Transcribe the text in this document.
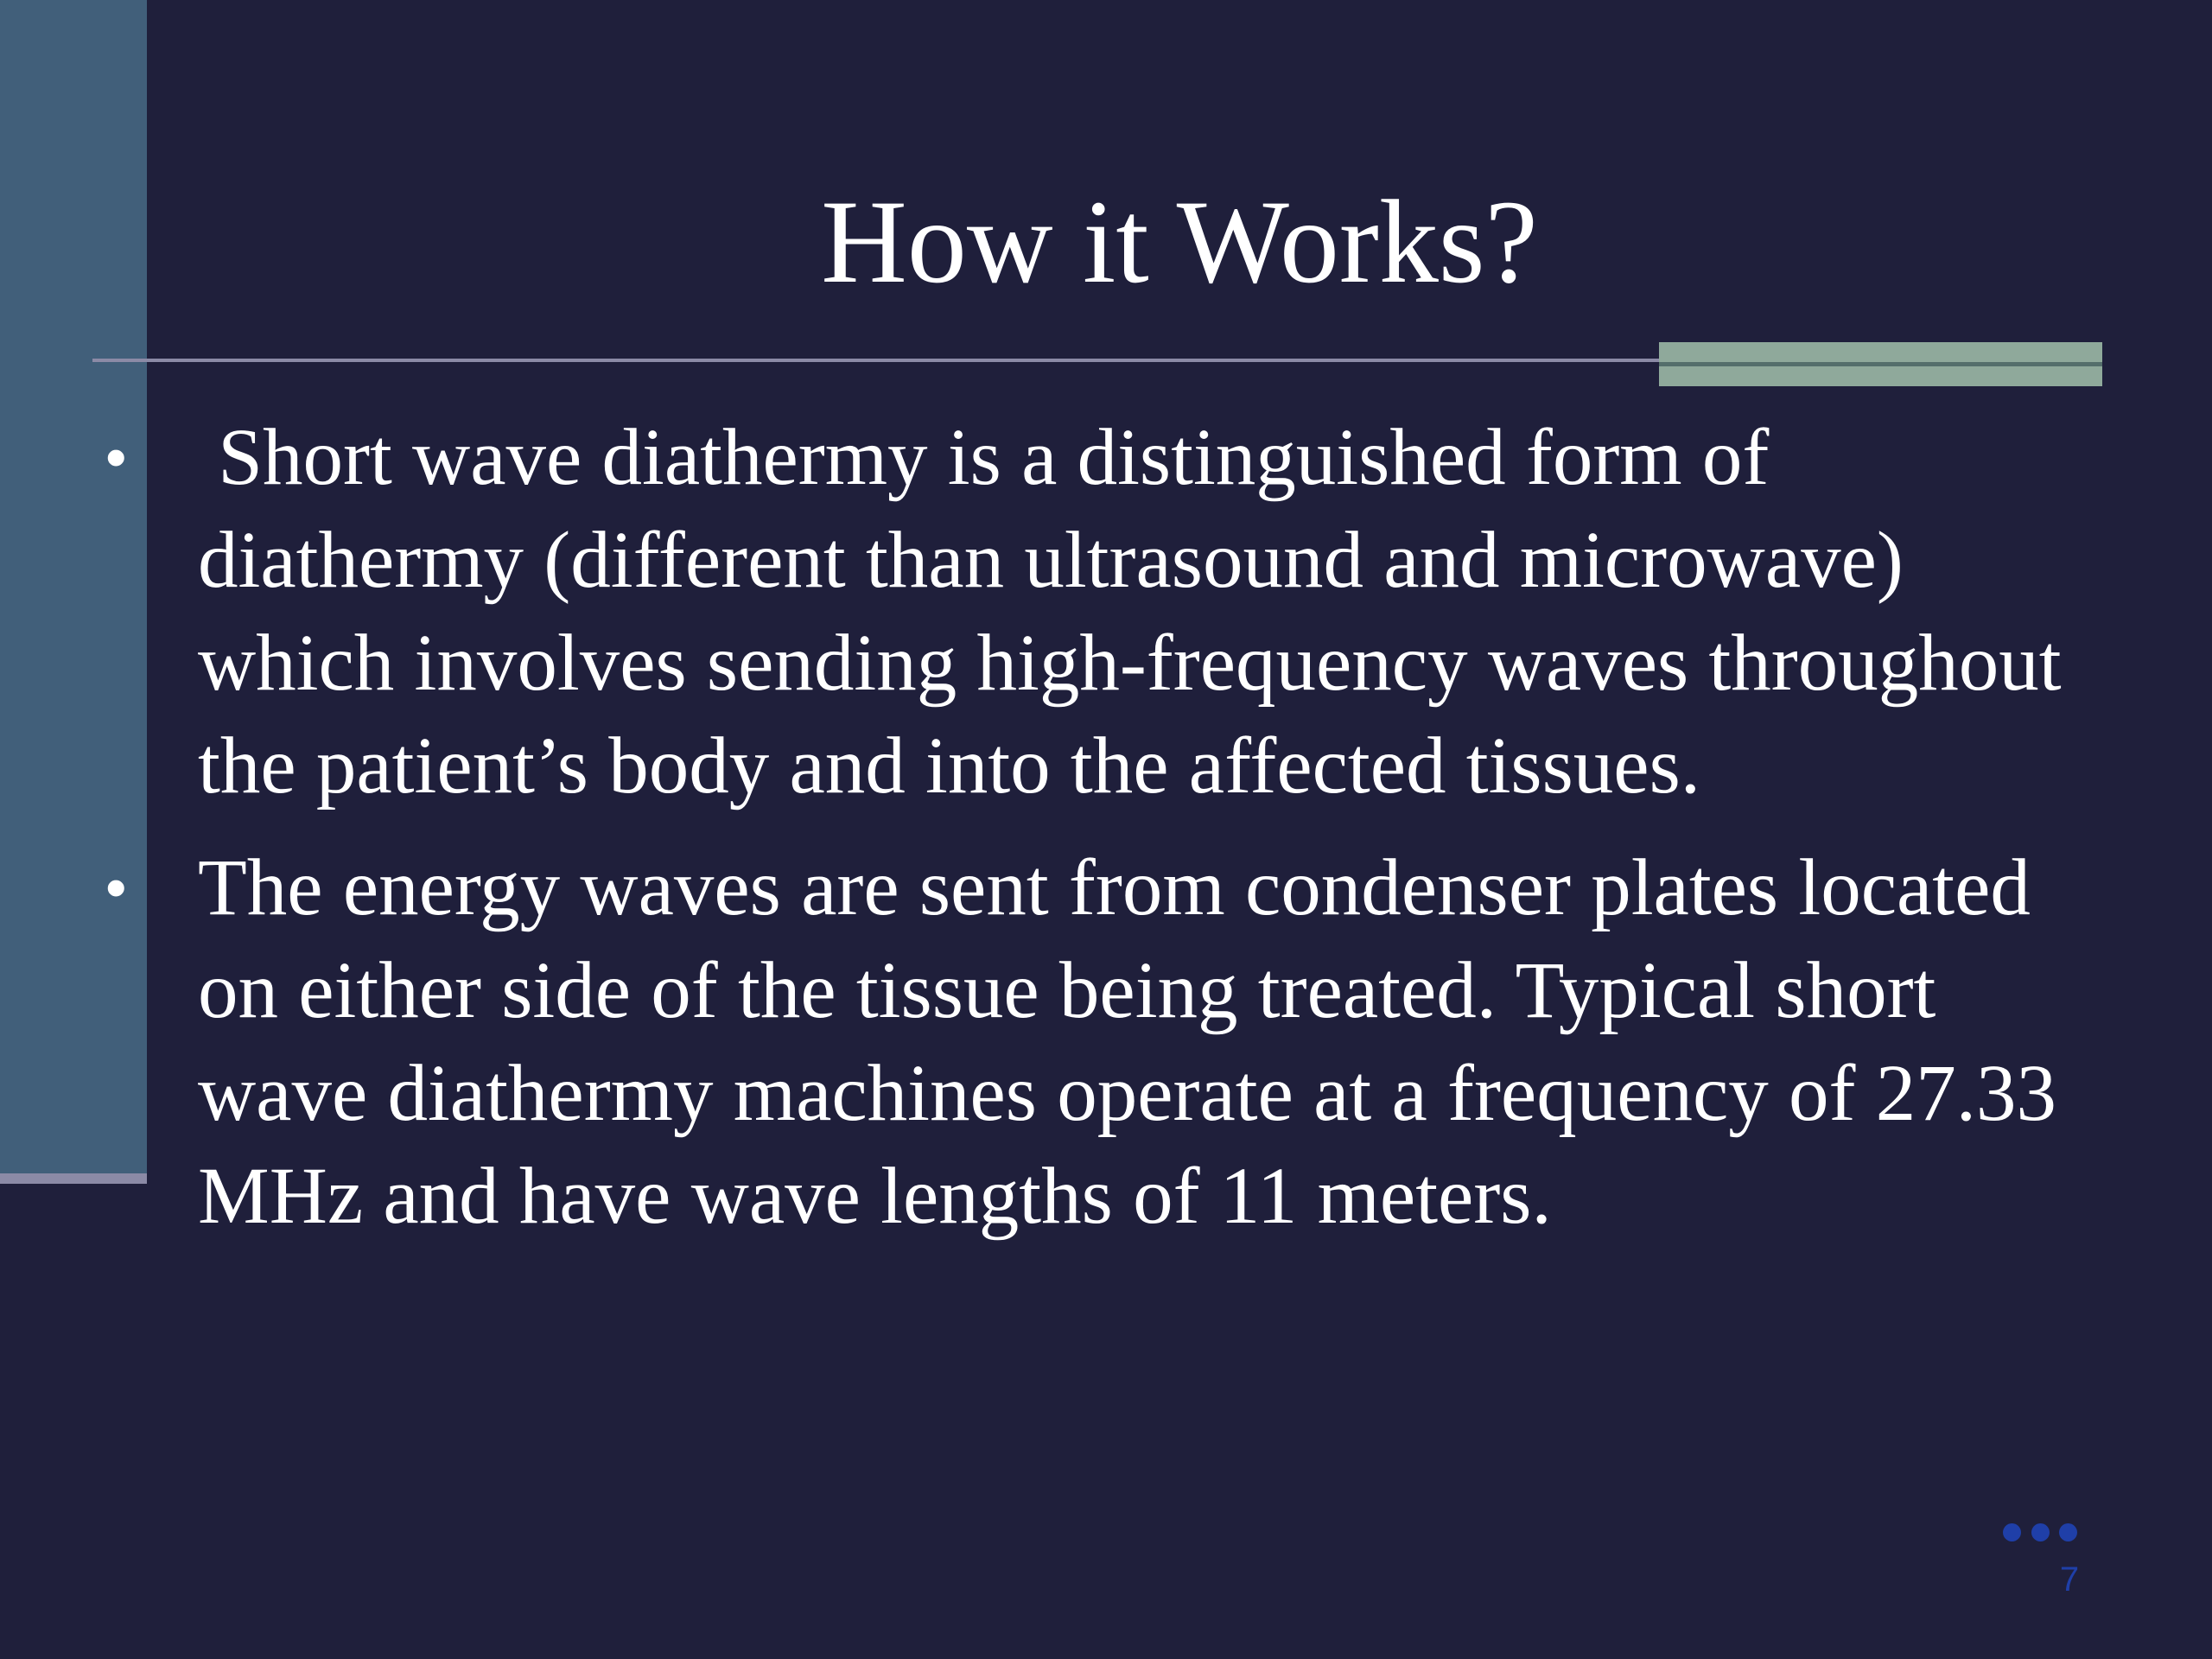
How it Works?
• Short wave diathermy is a distinguished form of diathermy (different than ultrasound and microwave) which involves sending high-frequency waves throughout the patient’s body and into the affected tissues.
• The energy waves are sent from condenser plates located on either side of the tissue being treated. Typical short wave diathermy machines operate at a frequency of 27.33 MHz and have wave lengths of 11 meters.
7
